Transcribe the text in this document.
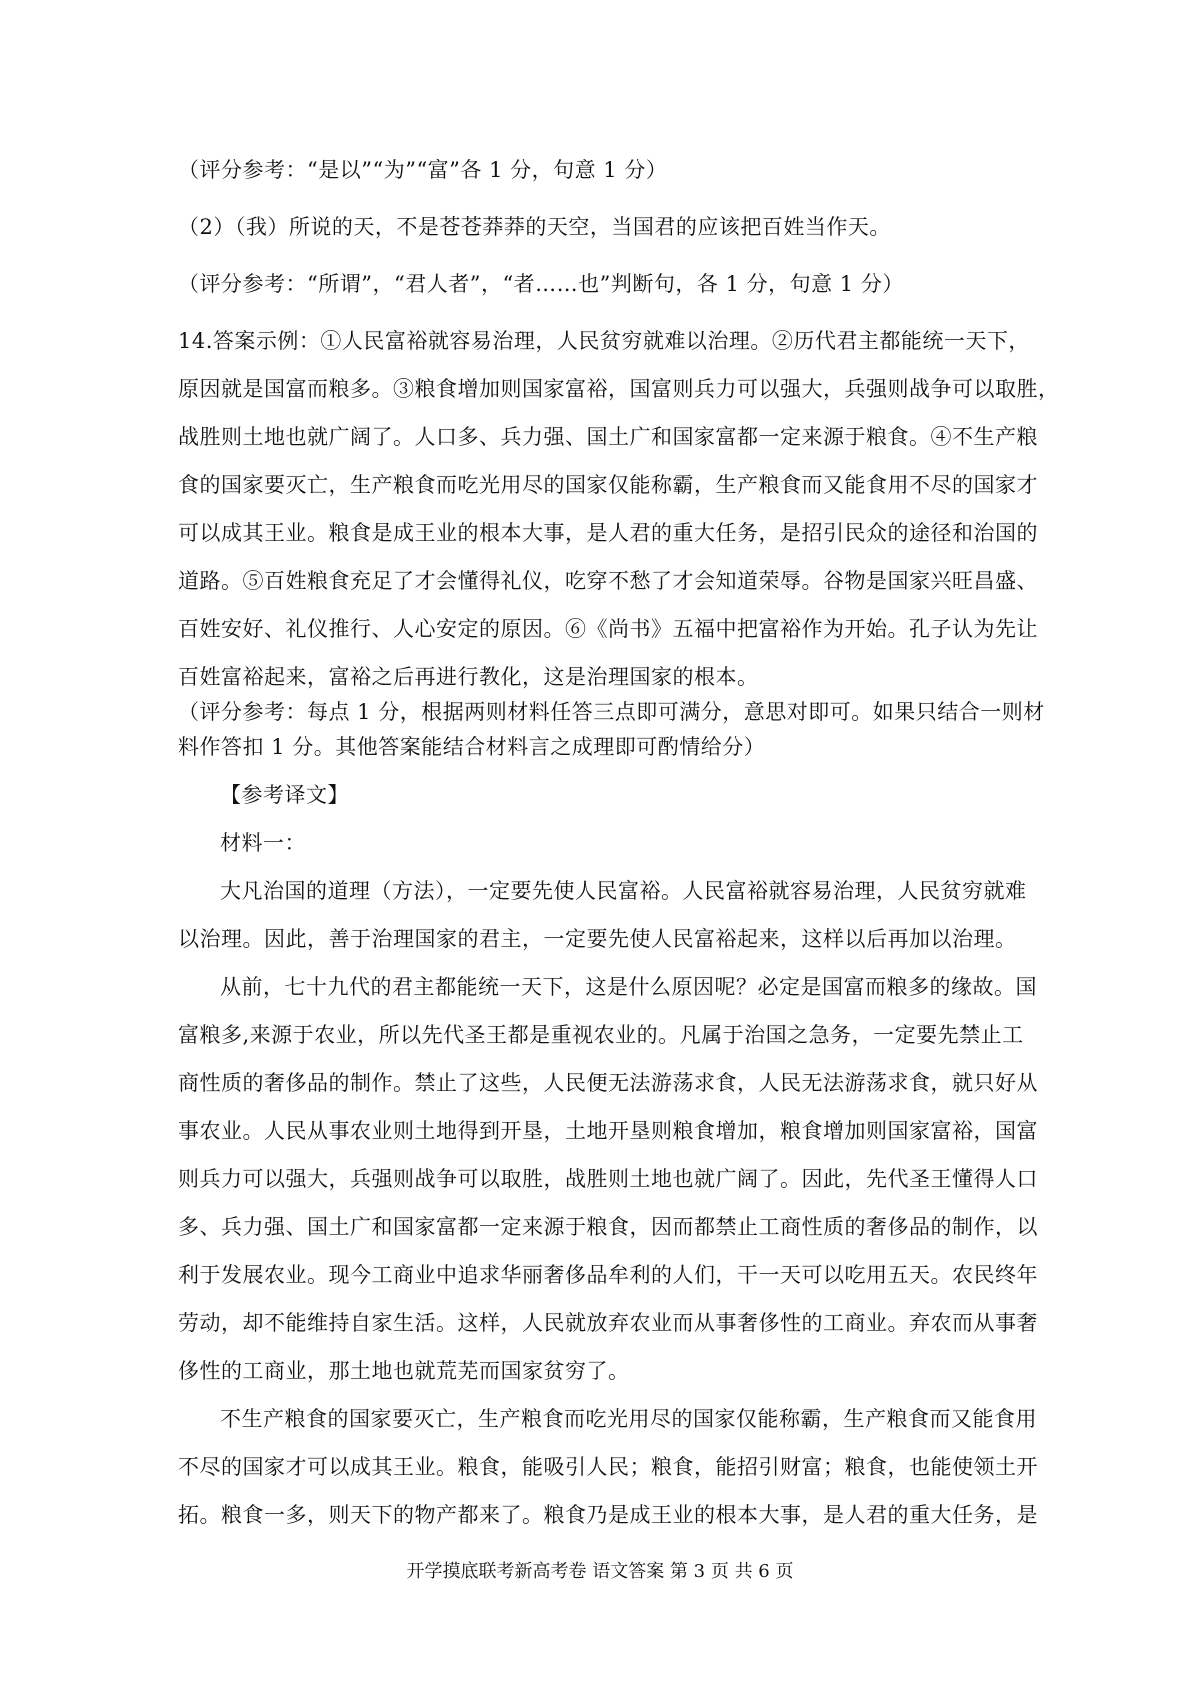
（评分参考：“是以”“为”“富”各 1 分，句意 1 分）
（2）（我）所说的天，不是苍苍莽莽的天空，当国君的应该把百姓当作天。
（评分参考：“所谓”，“君人者”，“者……也”判断句，各 1 分，句意 1 分）
14.答案示例：①人民富裕就容易治理，人民贫穷就难以治理。②历代君主都能统一天下，
原因就是国富而粮多。③粮食增加则国家富裕，国富则兵力可以强大，兵强则战争可以取胜，
战胜则土地也就广阔了。人口多、兵力强、国土广和国家富都一定来源于粮食。④不生产粮
食的国家要灭亡，生产粮食而吃光用尽的国家仅能称霸，生产粮食而又能食用不尽的国家才
可以成其王业。粮食是成王业的根本大事，是人君的重大任务，是招引民众的途径和治国的
道路。⑤百姓粮食充足了才会懂得礼仪，吃穿不愁了才会知道荣辱。谷物是国家兴旺昌盛、
百姓安好、礼仪推行、人心安定的原因。⑥《尚书》五福中把富裕作为开始。孔子认为先让
百姓富裕起来，富裕之后再进行教化，这是治理国家的根本。
（评分参考：每点 1 分，根据两则材料任答三点即可满分，意思对即可。如果只结合一则材
料作答扣 1 分。其他答案能结合材料言之成理即可酌情给分）
【参考译文】
材料一：
大凡治国的道理（方法），一定要先使人民富裕。人民富裕就容易治理，人民贫穷就难
以治理。因此，善于治理国家的君主，一定要先使人民富裕起来，这样以后再加以治理。
从前，七十九代的君主都能统一天下，这是什么原因呢？必定是国富而粮多的缘故。国
富粮多,来源于农业，所以先代圣王都是重视农业的。凡属于治国之急务，一定要先禁止工
商性质的奢侈品的制作。禁止了这些，人民便无法游荡求食，人民无法游荡求食，就只好从
事农业。人民从事农业则土地得到开垦，土地开垦则粮食增加，粮食增加则国家富裕，国富
则兵力可以强大，兵强则战争可以取胜，战胜则土地也就广阔了。因此，先代圣王懂得人口
多、兵力强、国土广和国家富都一定来源于粮食，因而都禁止工商性质的奢侈品的制作，以
利于发展农业。现今工商业中追求华丽奢侈品牟利的人们，干一天可以吃用五天。农民终年
劳动，却不能维持自家生活。这样，人民就放弃农业而从事奢侈性的工商业。弃农而从事奢
侈性的工商业，那土地也就荒芜而国家贫穷了。
不生产粮食的国家要灭亡，生产粮食而吃光用尽的国家仅能称霸，生产粮食而又能食用
不尽的国家才可以成其王业。粮食，能吸引人民；粮食，能招引财富；粮食，也能使领土开
拓。粮食一多，则天下的物产都来了。粮食乃是成王业的根本大事，是人君的重大任务，是
开学摸底联考新高考卷 语文答案 第 3 页 共 6 页
